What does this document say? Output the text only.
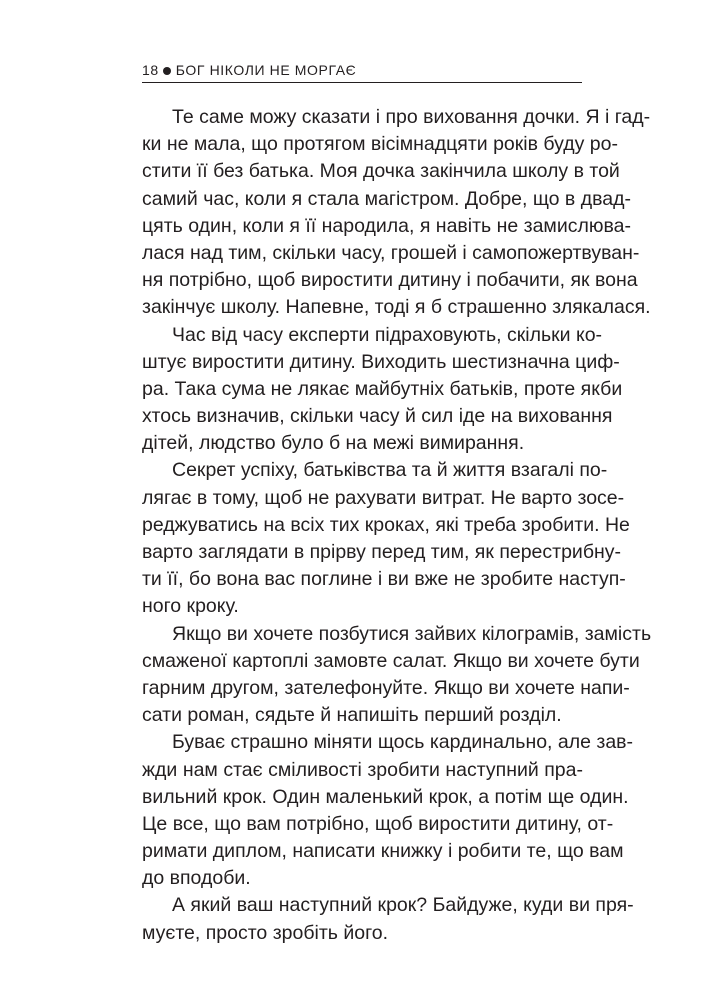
18 БОГ НІКОЛИ НЕ МОРГАЄ
Те саме можу сказати і про виховання дочки. Я і гад-
ки не мала, що протягом вісімнадцяти років буду ро-
стити її без батька. Моя дочка закінчила школу в той
самий час, коли я стала магістром. Добре, що в двад-
цять один, коли я її народила, я навіть не замислюва-
лася над тим, скільки часу, грошей і самопожертвуван-
ня потрібно, щоб виростити дитину і побачити, як вона
закінчує школу. Напевне, тоді я б страшенно злякалася.
Час від часу експерти підраховують, скільки ко-
штує виростити дитину. Виходить шестизначна циф-
ра. Така сума не лякає майбутніх батьків, проте якби
хтось визначив, скільки часу й сил іде на виховання
дітей, людство було б на межі вимирання.
Секрет успіху, батьківства та й життя взагалі по-
лягає в тому, щоб не рахувати витрат. Не варто зосе-
реджуватись на всіх тих кроках, які треба зробити. Не
варто заглядати в прірву перед тим, як перестрибну-
ти її, бо вона вас поглине і ви вже не зробите наступ-
ного кроку.
Якщо ви хочете позбутися зайвих кілограмів, замість
смаженої картоплі замовте салат. Якщо ви хочете бути
гарним другом, зателефонуйте. Якщо ви хочете напи-
сати роман, сядьте й напишіть перший розділ.
Буває страшно міняти щось кардинально, але зав-
жди нам стає сміливості зробити наступний пра-
вильний крок. Один маленький крок, а потім ще один.
Це все, що вам потрібно, щоб виростити дитину, от-
римати диплом, написати книжку і робити те, що вам
до вподоби.
А який ваш наступний крок? Байдуже, куди ви пря-
муєте, просто зробіть його.
